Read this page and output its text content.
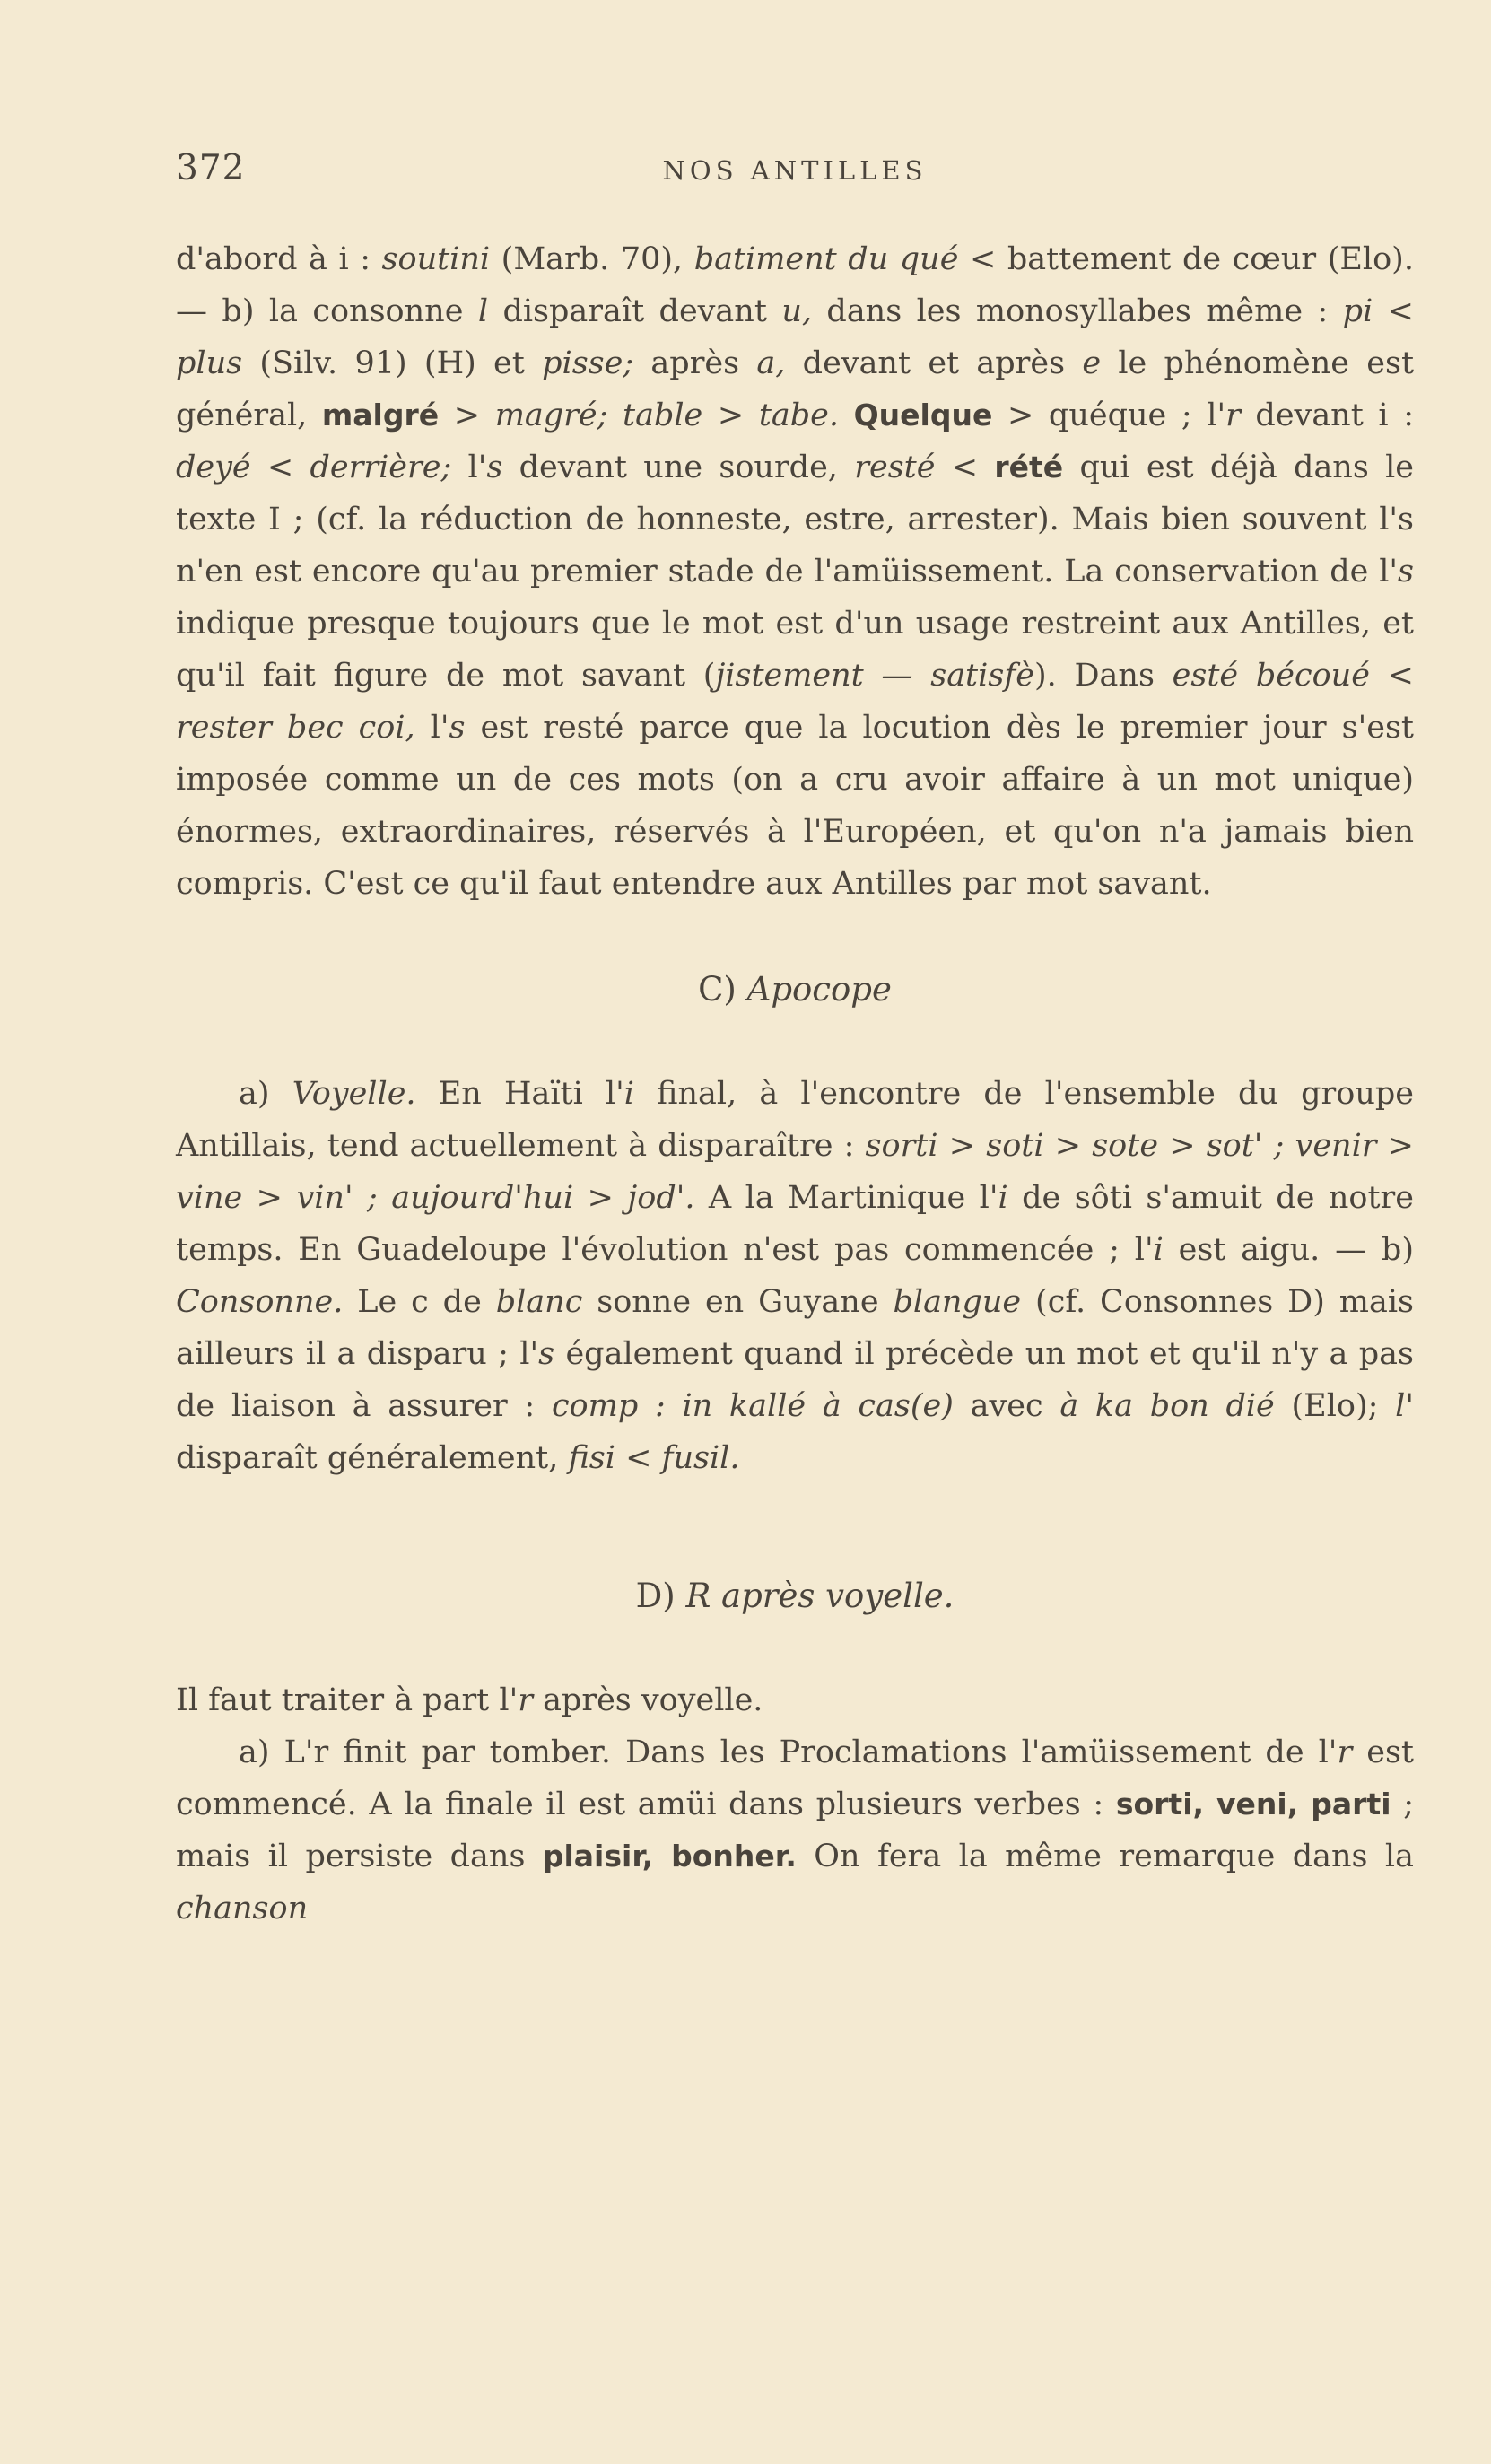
372	NOS ANTILLES

d'abord à i : soutini (Marb. 70), batiment du qué < battement de cœur (Elo). — b) la consonne l disparaît devant u, dans les monosyllabes même : pi < plus (Silv. 91) (H) et pisse; après a, devant et après e le phénomène est général, malgré > magré; table > tabe. Quelque > quéque ; l'r devant i : deyé < derrière; l's devant une sourde, resté < rété qui est déjà dans le texte I ; (cf. la réduction de honneste, estre, arrester). Mais bien souvent l's n'en est encore qu'au premier stade de l'amüissement. La conservation de l's indique presque toujours que le mot est d'un usage restreint aux Antilles, et qu'il fait figure de mot savant (jistement — satisfè). Dans esté bécoué < rester bec coi, l's est resté parce que la locution dès le premier jour s'est imposée comme un de ces mots (on a cru avoir affaire à un mot unique) énormes, extraordinaires, réservés à l'Européen, et qu'on n'a jamais bien compris. C'est ce qu'il faut entendre aux Antilles par mot savant.

C) Apocope

a) Voyelle. En Haïti l'i final, à l'encontre de l'ensemble du groupe Antillais, tend actuellement à disparaître : sorti > soti > sote > sot' ; venir > vine > vin' ; aujourd'hui > jod'. A la Martinique l'i de sôti s'amuit de notre temps. En Guadeloupe l'évolution n'est pas commencée ; l'i est aigu. — b) Consonne. Le c de blanc sonne en Guyane blangue (cf. Consonnes D) mais ailleurs il a disparu ; l's également quand il précède un mot et qu'il n'y a pas de liaison à assurer : comp : in kallé à cas(e) avec à ka bon dié (Elo); l' disparaît généralement, fisi < fusil.

D) R après voyelle.

Il faut traiter à part l'r après voyelle.

a) L'r finit par tomber. Dans les Proclamations l'amüissement de l'r est commencé. A la finale il est amüi dans plusieurs verbes : sorti, veni, parti ; mais il persiste dans plaisir, bonher. On fera la même remarque dans la chanson
